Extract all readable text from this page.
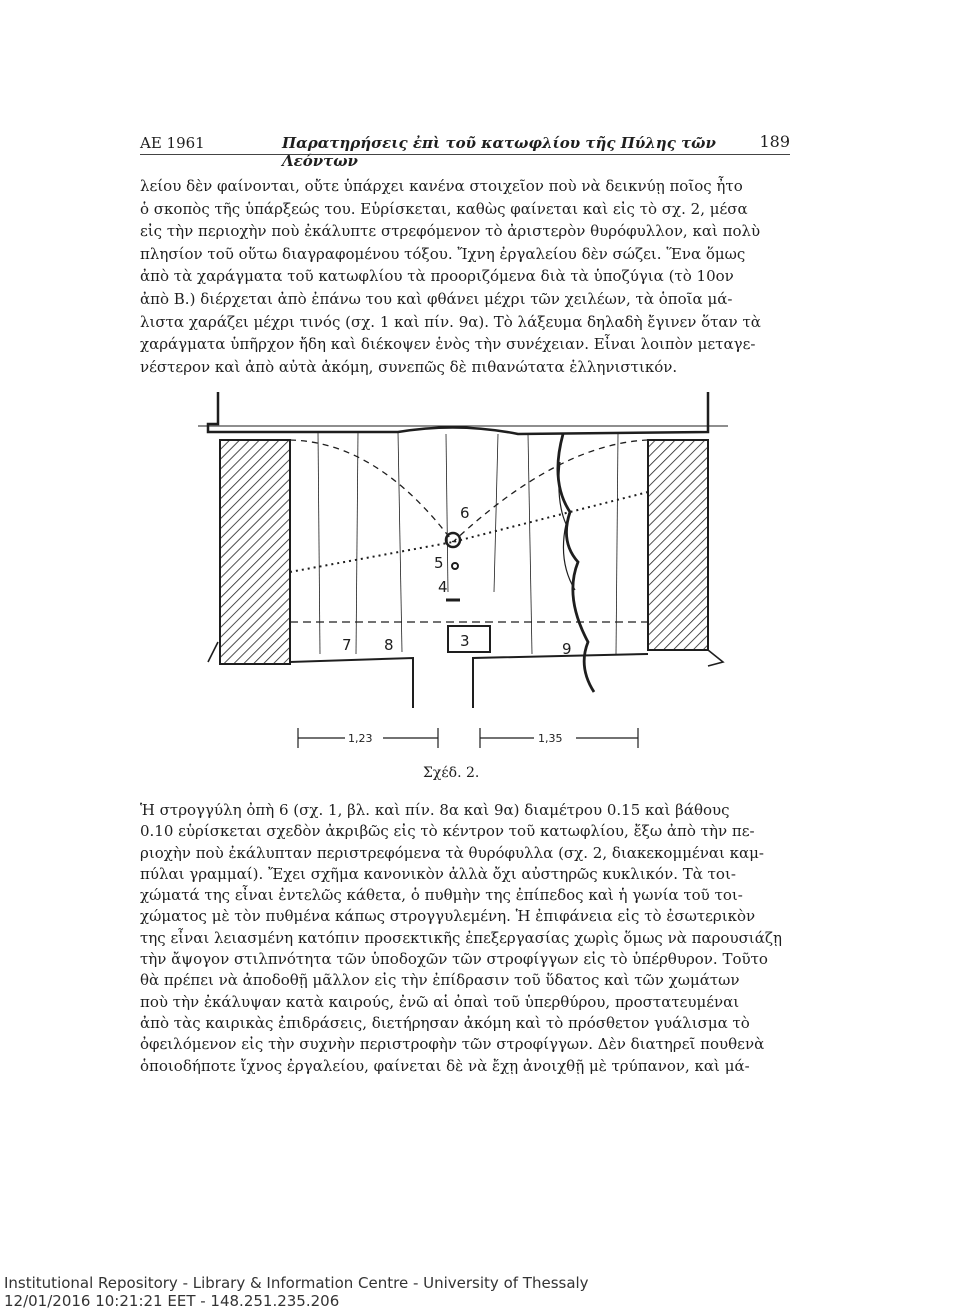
ΑΕ 1961	Παρατηρήσεις ἐπὶ τοῦ κατωφλίου τῆς Πύλης τῶν Λεόντων
189
λείου δὲν φαίνονται, οὔτε ὑπάρχει κανένα στοιχεῖον ποὺ νὰ δεικνύῃ ποῖος ἦτο
ὁ σκοπὸς τῆς ὑπάρξεώς του. Εὑρίσκεται, καθὼς φαίνεται καὶ εἰς τὸ σχ. 2, μέσα
εἰς τὴν περιοχὴν ποὺ ἐκάλυπτε στρεφόμενον τὸ ἀριστερὸν θυρόφυλλον, καὶ πολὺ
πλησίον τοῦ οὕτω διαγραφομένου τόξου. Ἴχνη ἐργαλείου δὲν σώζει. Ἕνα ὅμως
ἀπὸ τὰ χαράγματα τοῦ κατωφλίου τὰ προοριζόμενα διὰ τὰ ὑποζύγια (τὸ 10ον
ἀπὸ Β.) διέρχεται ἀπὸ ἐπάνω του καὶ φθάνει μέχρι τῶν χειλέων, τὰ ὁποῖα μά-
λιστα χαράζει μέχρι τινός (σχ. 1 καὶ πίν. 9α). Τὸ λάξευμα δηλαδὴ ἔγινεν ὅταν τὰ
χαράγματα ὑπῆρχον ἤδη καὶ διέκοψεν ἑνὸς τὴν συνέχειαν. Εἶναι λοιπὸν μεταγε-
νέστερον καὶ ἀπὸ αὐτὰ ἀκόμη, συνεπῶς δὲ πιθανώτατα ἑλληνιστικόν.
6
5
4
3
7 8	9
1,23	1,35
Σχέδ. 2.
Ἡ στρογγύλη ὀπὴ 6 (σχ. 1, βλ. καὶ πίν. 8α καὶ 9α) διαμέτρου 0.15 καὶ βάθους
0.10 εὑρίσκεται σχεδὸν ἀκριβῶς εἰς τὸ κέντρον τοῦ κατωφλίου, ἔξω ἀπὸ τὴν πε-
ριοχὴν ποὺ ἐκάλυπταν περιστρεφόμενα τὰ θυρόφυλλα (σχ. 2, διακεκομμέναι καμ-
πύλαι γραμμαί). Ἔχει σχῆμα κανονικὸν ἀλλὰ ὄχι αὐστηρῶς κυκλικόν. Τὰ τοι-
χώματά της εἶναι ἐντελῶς κάθετα, ὁ πυθμὴν της ἐπίπεδος καὶ ἡ γωνία τοῦ τοι-
χώματος μὲ τὸν πυθμένα κάπως στρογγυλεμένη. Ἡ ἐπιφάνεια εἰς τὸ ἐσωτερικὸν
της εἶναι λειασμένη κατόπιν προσεκτικῆς ἐπεξεργασίας χωρὶς ὅμως νὰ παρουσιάζῃ
τὴν ἄψογον στιλπνότητα τῶν ὑποδοχῶν τῶν στροφίγγων εἰς τὸ ὑπέρθυρον. Τοῦτο
θὰ πρέπει νὰ ἀποδοθῇ μᾶλλον εἰς τὴν ἐπίδρασιν τοῦ ὕδατος καὶ τῶν χωμάτων
ποὺ τὴν ἐκάλυψαν κατὰ καιρούς, ἐνῶ αἱ ὀπαὶ τοῦ ὑπερθύρου, προστατευμέναι
ἀπὸ τὰς καιρικὰς ἐπιδράσεις, διετήρησαν ἀκόμη καὶ τὸ πρόσθετον γυάλισμα τὸ
ὀφειλόμενον εἰς τὴν συχνὴν περιστροφὴν τῶν στροφίγγων. Δὲν διατηρεῖ πουθενὰ
ὁποιοδήποτε ἴχνος ἐργαλείου, φαίνεται δὲ νὰ ἔχῃ ἀνοιχθῇ μὲ τρύπανον, καὶ μά-
Institutional Repository - Library & Information Centre - University of Thessaly
12/01/2016 10:21:21 EET - 148.251.235.206
